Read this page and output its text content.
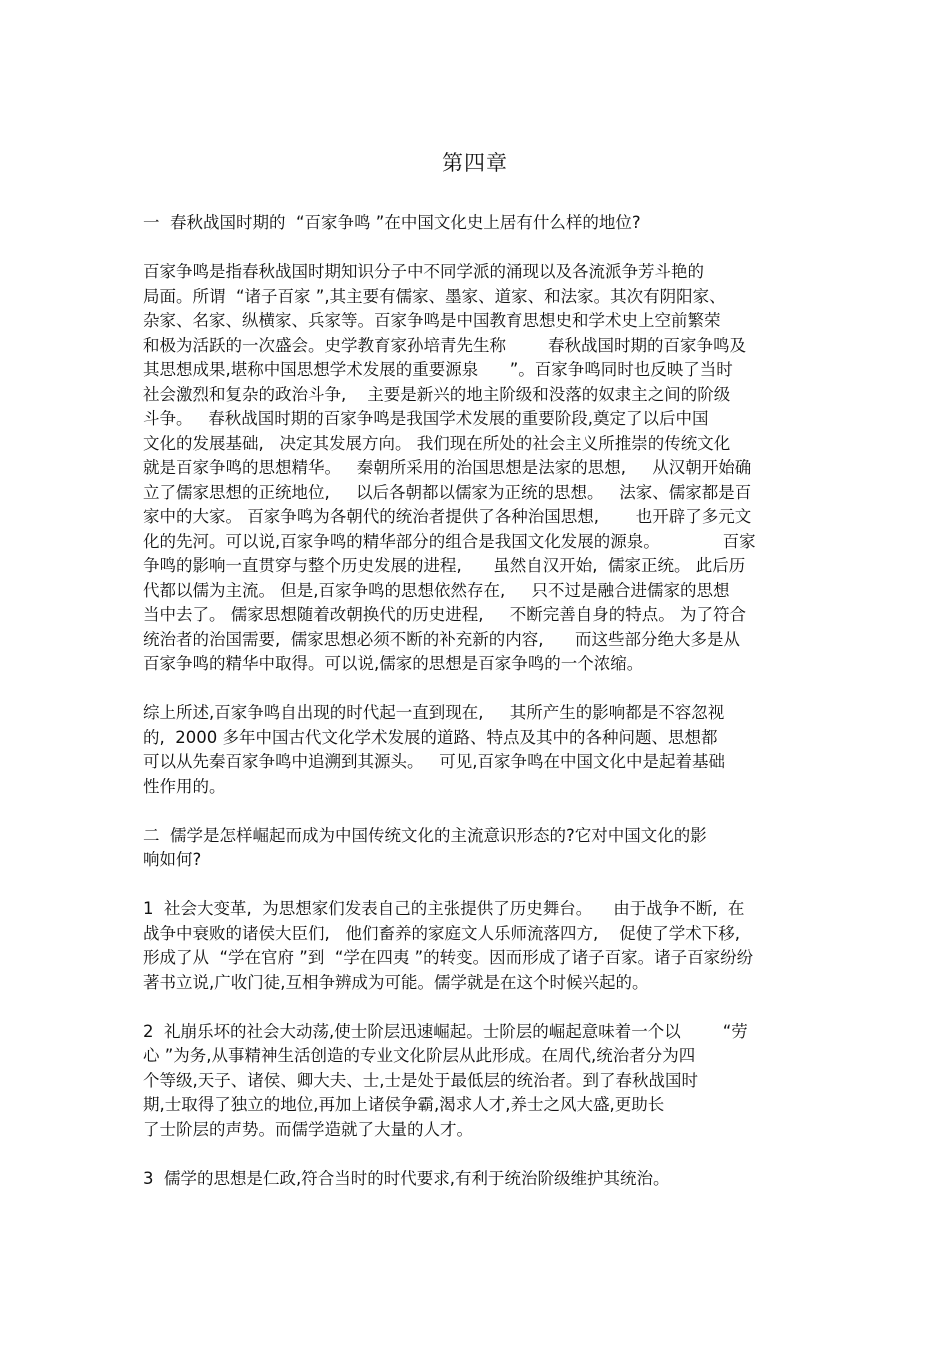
第四章
一  春秋战国时期的  “百家争鸣 ”在中国文化史上居有什么样的地位?
百家争鸣是指春秋战国时期知识分子中不同学派的涌现以及各流派争芳斗艳的
局面。所谓  “诸子百家 ”,其主要有儒家、墨家、道家、和法家。其次有阴阳家、
杂家、名家、纵横家、兵家等。百家争鸣是中国教育思想史和学术史上空前繁荣
和极为活跃的一次盛会。史学教育家孙培青先生称        春秋战国时期的百家争鸣及
其思想成果,堪称中国思想学术发展的重要源泉      ”。百家争鸣同时也反映了当时
社会激烈和复杂的政治斗争,    主要是新兴的地主阶级和没落的奴隶主之间的阶级
斗争。   春秋战国时期的百家争鸣是我国学术发展的重要阶段,奠定了以后中国
文化的发展基础,   决定其发展方向。 我们现在所处的社会主义所推崇的传统文化
就是百家争鸣的思想精华。   秦朝所采用的治国思想是法家的思想,     从汉朝开始确
立了儒家思想的正统地位,     以后各朝都以儒家为正统的思想。   法家、儒家都是百
家中的大家。 百家争鸣为各朝代的统治者提供了各种治国思想,       也开辟了多元文
化的先河。可以说,百家争鸣的精华部分的组合是我国文化发展的源泉。            百家
争鸣的影响一直贯穿与整个历史发展的进程,      虽然自汉开始,  儒家正统。 此后历
代都以儒为主流。 但是,百家争鸣的思想依然存在,     只不过是融合进儒家的思想
当中去了。 儒家思想随着改朝换代的历史进程,     不断完善自身的特点。 为了符合
统治者的治国需要,  儒家思想必须不断的补充新的内容,      而这些部分绝大多是从
百家争鸣的精华中取得。可以说,儒家的思想是百家争鸣的一个浓缩。
综上所述,百家争鸣自出现的时代起一直到现在,     其所产生的影响都是不容忽视
的,  2000 多年中国古代文化学术发展的道路、特点及其中的各种问题、思想都
可以从先秦百家争鸣中追溯到其源头。   可见,百家争鸣在中国文化中是起着基础
性作用的。
二  儒学是怎样崛起而成为中国传统文化的主流意识形态的?它对中国文化的影
响如何?
1  社会大变革,  为思想家们发表自己的主张提供了历史舞台。    由于战争不断,  在
战争中衰败的诸侯大臣们,   他们畜养的家庭文人乐师流落四方,    促使了学术下移,
形成了从  “学在官府 ”到  “学在四夷 ”的转变。因而形成了诸子百家。诸子百家纷纷
著书立说,广收门徒,互相争辨成为可能。儒学就是在这个时候兴起的。
2  礼崩乐坏的社会大动荡,使士阶层迅速崛起。士阶层的崛起意味着一个以        “劳
心 ”为务,从事精神生活创造的专业文化阶层从此形成。在周代,统治者分为四
个等级,天子、诸侯、卿大夫、士,士是处于最低层的统治者。到了春秋战国时
期,士取得了独立的地位,再加上诸侯争霸,渴求人才,养士之风大盛,更助长
了士阶层的声势。而儒学造就了大量的人才。
3  儒学的思想是仁政,符合当时的时代要求,有利于统治阶级维护其统治。
